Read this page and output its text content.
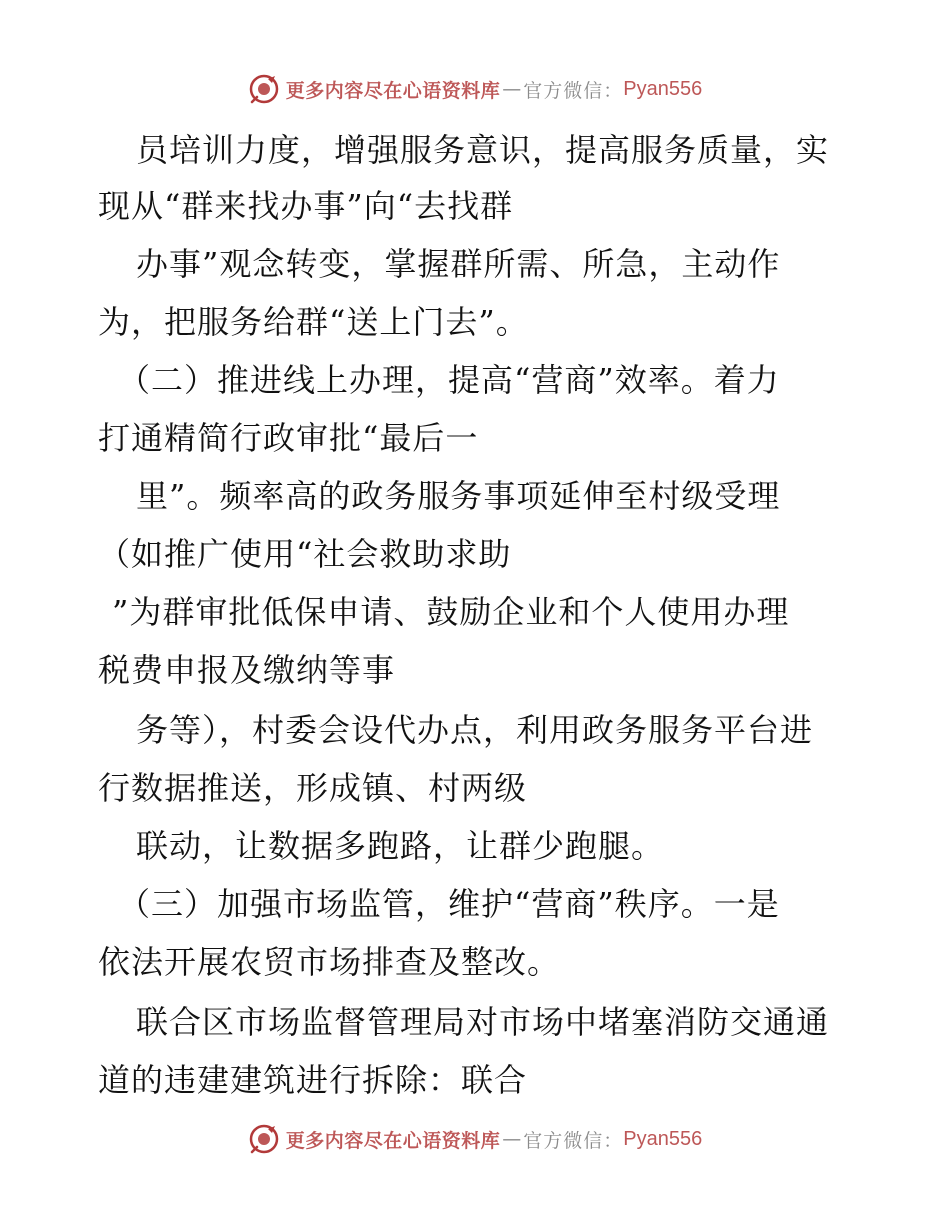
更多内容尽在心语资料库 — 官方微信： Pyan556
员培训力度，增强服务意识，提高服务质量，实
现从“群来找办事”向“去找群
办事”观念转变，掌握群所需、所急，主动作
为，把服务给群“送上门去”。
（二）推进线上办理，提高“营商”效率。着力
打通精简行政审批“最后一
里”。频率高的政务服务事项延伸至村级受理
（如推广使用“社会救助求助
”为群审批低保申请、鼓励企业和个人使用办理
税费申报及缴纳等事
务等），村委会设代办点，利用政务服务平台进
行数据推送，形成镇、村两级
联动，让数据多跑路，让群少跑腿。
（三）加强市场监管，维护“营商”秩序。一是
依法开展农贸市场排查及整改。
联合区市场监督管理局对市场中堵塞消防交通通
道的违建建筑进行拆除：联合
更多内容尽在心语资料库 — 官方微信： Pyan556
